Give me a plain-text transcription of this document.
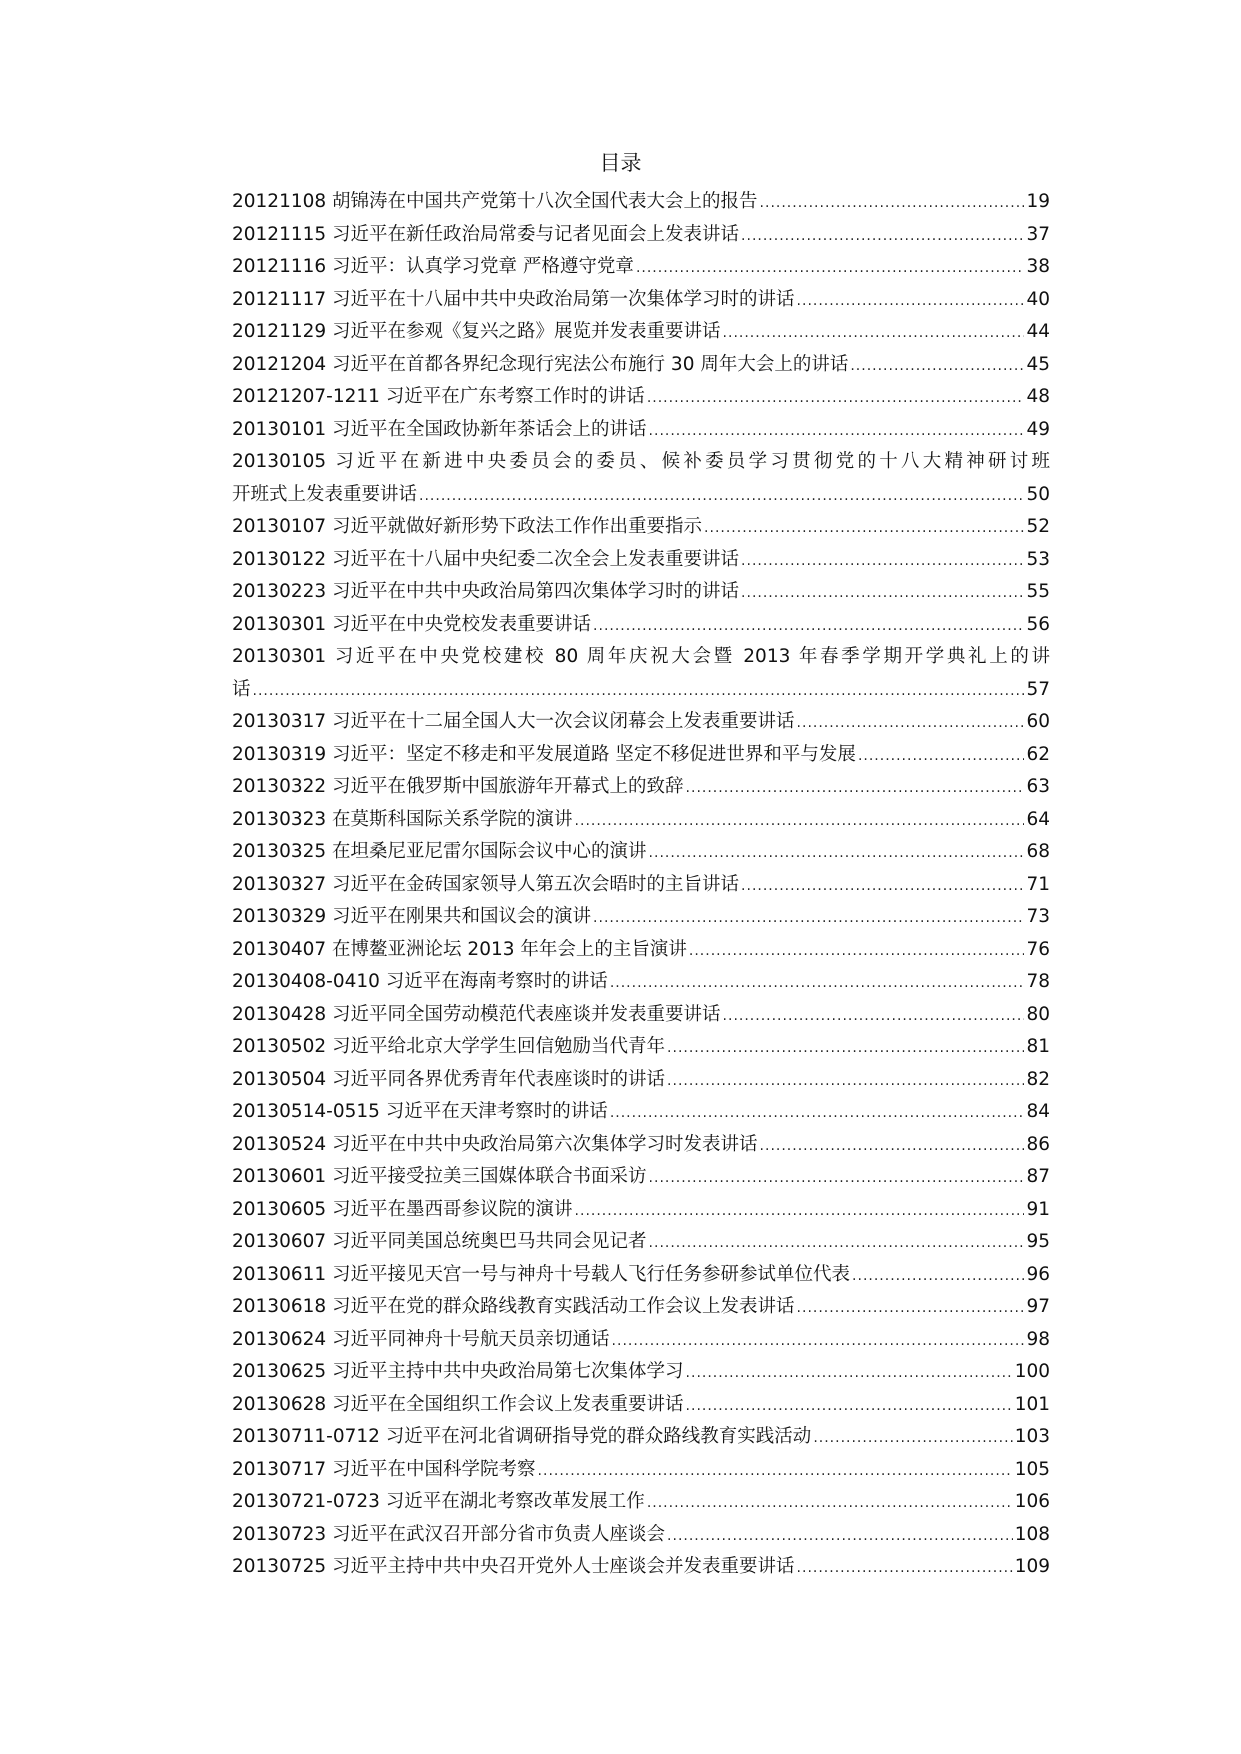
目录
20121108 胡锦涛在中国共产党第十八次全国代表大会上的报告 .....	19
20121115 习近平在新任政治局常委与记者见面会上发表讲话 .....	37
20121116 习近平：认真学习党章 严格遵守党章 .....	38
20121117 习近平在十八届中共中央政治局第一次集体学习时的讲话 .....	40
20121129 习近平在参观《复兴之路》展览并发表重要讲话 .....	44
20121204 习近平在首都各界纪念现行宪法公布施行 30 周年大会上的讲话 .....	45
20121207-1211 习近平在广东考察工作时的讲话 .....	48
20130101 习近平在全国政协新年茶话会上的讲话 .....	49
20130105 习近平在新进中央委员会的委员、候补委员学习贯彻党的十八大精神研讨班
开班式上发表重要讲话 .....	50
20130107 习近平就做好新形势下政法工作作出重要指示 .....	52
20130122 习近平在十八届中央纪委二次全会上发表重要讲话 .....	53
20130223 习近平在中共中央政治局第四次集体学习时的讲话 .....	55
20130301 习近平在中央党校发表重要讲话 .....	56
20130301 习近平在中央党校建校 80 周年庆祝大会暨 2013 年春季学期开学典礼上的讲
话 .....	57
20130317 习近平在十二届全国人大一次会议闭幕会上发表重要讲话 .....	60
20130319 习近平：坚定不移走和平发展道路 坚定不移促进世界和平与发展 .....	62
20130322 习近平在俄罗斯中国旅游年开幕式上的致辞 .....	63
20130323 在莫斯科国际关系学院的演讲 .....	64
20130325 在坦桑尼亚尼雷尔国际会议中心的演讲 .....	68
20130327 习近平在金砖国家领导人第五次会晤时的主旨讲话 .....	71
20130329 习近平在刚果共和国议会的演讲 .....	73
20130407 在博鳌亚洲论坛 2013 年年会上的主旨演讲 .....	76
20130408-0410 习近平在海南考察时的讲话 .....	78
20130428 习近平同全国劳动模范代表座谈并发表重要讲话 .....	80
20130502 习近平给北京大学学生回信勉励当代青年 .....	81
20130504 习近平同各界优秀青年代表座谈时的讲话 .....	82
20130514-0515 习近平在天津考察时的讲话 .....	84
20130524 习近平在中共中央政治局第六次集体学习时发表讲话 .....	86
20130601 习近平接受拉美三国媒体联合书面采访 .....	87
20130605 习近平在墨西哥参议院的演讲 .....	91
20130607 习近平同美国总统奥巴马共同会见记者 .....	95
20130611 习近平接见天宫一号与神舟十号载人飞行任务参研参试单位代表 .....	96
20130618 习近平在党的群众路线教育实践活动工作会议上发表讲话 .....	97
20130624 习近平同神舟十号航天员亲切通话 .....	98
20130625 习近平主持中共中央政治局第七次集体学习 .....	100
20130628 习近平在全国组织工作会议上发表重要讲话 .....	101
20130711-0712 习近平在河北省调研指导党的群众路线教育实践活动 .....	103
20130717 习近平在中国科学院考察 .....	105
20130721-0723 习近平在湖北考察改革发展工作 .....	106
20130723 习近平在武汉召开部分省市负责人座谈会 .....	108
20130725 习近平主持中共中央召开党外人士座谈会并发表重要讲话 .....	109
